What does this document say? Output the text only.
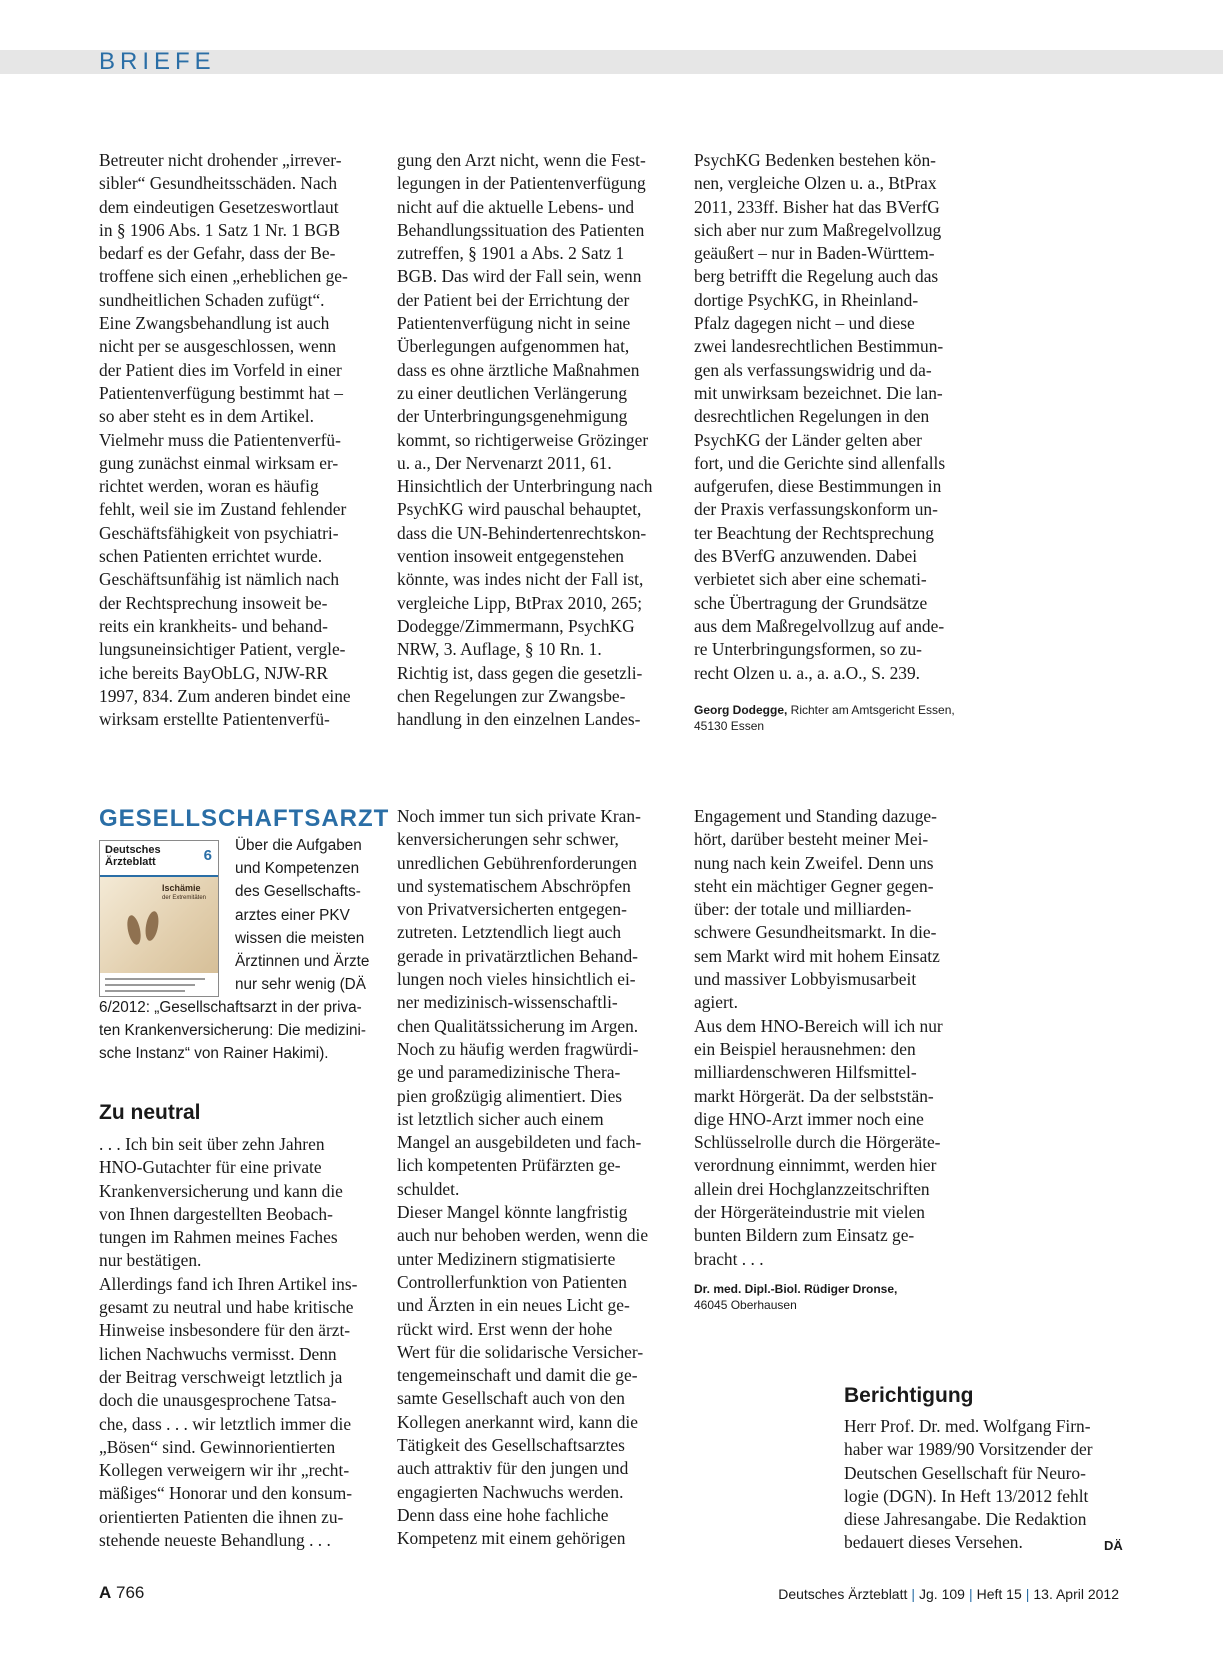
BRIEFE
Betreuter nicht drohender „irrever-
sibler“ Gesundheitsschäden. Nach
dem eindeutigen Gesetzeswortlaut
in § 1906 Abs. 1 Satz 1 Nr. 1 BGB
bedarf es der Gefahr, dass der Be-
troffene sich einen „erheblichen ge-
sundheitlichen Schaden zufügt“.
Eine Zwangsbehandlung ist auch
nicht per se ausgeschlossen, wenn
der Patient dies im Vorfeld in einer
Patientenverfügung bestimmt hat –
so aber steht es in dem Artikel.
Vielmehr muss die Patientenverfü-
gung zunächst einmal wirksam er-
richtet werden, woran es häufig
fehlt, weil sie im Zustand fehlender
Geschäftsfähigkeit von psychiatri-
schen Patienten errichtet wurde.
Geschäftsunfähig ist nämlich nach
der Rechtsprechung insoweit be-
reits ein krankheits- und behand-
lungsuneinsichtiger Patient, vergle-
iche bereits BayObLG, NJW-RR
1997, 834. Zum anderen bindet eine
wirksam erstellte Patientenverfü-
gung den Arzt nicht, wenn die Fest-
legungen in der Patientenverfügung
nicht auf die aktuelle Lebens- und
Behandlungssituation des Patienten
zutreffen, § 1901 a Abs. 2 Satz 1
BGB. Das wird der Fall sein, wenn
der Patient bei der Errichtung der
Patientenverfügung nicht in seine
Überlegungen aufgenommen hat,
dass es ohne ärztliche Maßnahmen
zu einer deutlichen Verlängerung
der Unterbringungsgenehmigung
kommt, so richtigerweise Grözinger
u. a., Der Nervenarzt 2011, 61.
Hinsichtlich der Unterbringung nach
PsychKG wird pauschal behauptet,
dass die UN-Behindertenrechtskon-
vention insoweit entgegenstehen
könnte, was indes nicht der Fall ist,
vergleiche Lipp, BtPrax 2010, 265;
Dodegge/Zimmermann, PsychKG
NRW, 3. Auflage, § 10 Rn. 1.
Richtig ist, dass gegen die gesetzli-
chen Regelungen zur Zwangsbe-
handlung in den einzelnen Landes-
PsychKG Bedenken bestehen kön-
nen, vergleiche Olzen u. a., BtPrax
2011, 233ff. Bisher hat das BVerfG
sich aber nur zum Maßregelvollzug
geäußert – nur in Baden-Württem-
berg betrifft die Regelung auch das
dortige PsychKG, in Rheinland-
Pfalz dagegen nicht – und diese
zwei landesrechtlichen Bestimmun-
gen als verfassungswidrig und da-
mit unwirksam bezeichnet. Die lan-
desrechtlichen Regelungen in den
PsychKG der Länder gelten aber
fort, und die Gerichte sind allenfalls
aufgerufen, diese Bestimmungen in
der Praxis verfassungskonform un-
ter Beachtung der Rechtsprechung
des BVerfG anzuwenden. Dabei
verbietet sich aber eine schemati-
sche Übertragung der Grundsätze
aus dem Maßregelvollzug auf ande-
re Unterbringungsformen, so zu-
recht Olzen u. a., a. a.O., S. 239.
Georg Dodegge, Richter am Amtsgericht Essen,
45130 Essen
GESELLSCHAFTSARZT
Deutsches
Ärzteblatt	6
Ischämie
der Extremitäten
Über die Aufgaben
und Kompetenzen
des Gesellschafts-
arztes einer PKV
wissen die meisten
Ärztinnen und Ärzte
nur sehr wenig (DÄ
6/2012: „Gesellschaftsarzt in der priva-
ten Krankenversicherung: Die medizini-
sche Instanz“ von Rainer Hakimi).
Zu neutral
. . . Ich bin seit über zehn Jahren
HNO-Gutachter für eine private
Krankenversicherung und kann die
von Ihnen dargestellten Beobach-
tungen im Rahmen meines Faches
nur bestätigen.
Allerdings fand ich Ihren Artikel ins-
gesamt zu neutral und habe kritische
Hinweise insbesondere für den ärzt-
lichen Nachwuchs vermisst. Denn
der Beitrag verschweigt letztlich ja
doch die unausgesprochene Tatsa-
che, dass . . . wir letztlich immer die
„Bösen“ sind. Gewinnorientierten
Kollegen verweigern wir ihr „recht-
mäßiges“ Honorar und den konsum-
orientierten Patienten die ihnen zu-
stehende neueste Behandlung . . .
Noch immer tun sich private Kran-
kenversicherungen sehr schwer,
unredlichen Gebührenforderungen
und systematischem Abschröpfen
von Privatversicherten entgegen-
zutreten. Letztendlich liegt auch
gerade in privatärztlichen Behand-
lungen noch vieles hinsichtlich ei-
ner medizinisch-wissenschaftli-
chen Qualitätssicherung im Argen.
Noch zu häufig werden fragwürdi-
ge und paramedizinische Thera-
pien großzügig alimentiert. Dies
ist letztlich sicher auch einem
Mangel an ausgebildeten und fach-
lich kompetenten Prüfärzten ge-
schuldet.
Dieser Mangel könnte langfristig
auch nur behoben werden, wenn die
unter Medizinern stigmatisierte
Controllerfunktion von Patienten
und Ärzten in ein neues Licht ge-
rückt wird. Erst wenn der hohe
Wert für die solidarische Versicher-
tengemeinschaft und damit die ge-
samte Gesellschaft auch von den
Kollegen anerkannt wird, kann die
Tätigkeit des Gesellschaftsarztes
auch attraktiv für den jungen und
engagierten Nachwuchs werden.
Denn dass eine hohe fachliche
Kompetenz mit einem gehörigen
Engagement und Standing dazuge-
hört, darüber besteht meiner Mei-
nung nach kein Zweifel. Denn uns
steht ein mächtiger Gegner gegen-
über: der totale und milliarden-
schwere Gesundheitsmarkt. In die-
sem Markt wird mit hohem Einsatz
und massiver Lobbyismusarbeit
agiert.
Aus dem HNO-Bereich will ich nur
ein Beispiel herausnehmen: den
milliardenschweren Hilfsmittel-
markt Hörgerät. Da der selbststän-
dige HNO-Arzt immer noch eine
Schlüsselrolle durch die Hörgeräte-
verordnung einnimmt, werden hier
allein drei Hochglanzzeitschriften
der Hörgeräteindustrie mit vielen
bunten Bildern zum Einsatz ge-
bracht . . .
Dr. med. Dipl.-Biol. Rüdiger Dronse,
46045 Oberhausen
Berichtigung
Herr Prof. Dr. med. Wolfgang Firn-
haber war 1989/90 Vorsitzender der
Deutschen Gesellschaft für Neuro-
logie (DGN). In Heft 13/2012 fehlt
diese Jahresangabe. Die Redaktion
bedauert dieses Versehen.	DÄ
A 766	Deutsches Ärzteblatt | Jg. 109 | Heft 15 | 13. April 2012
